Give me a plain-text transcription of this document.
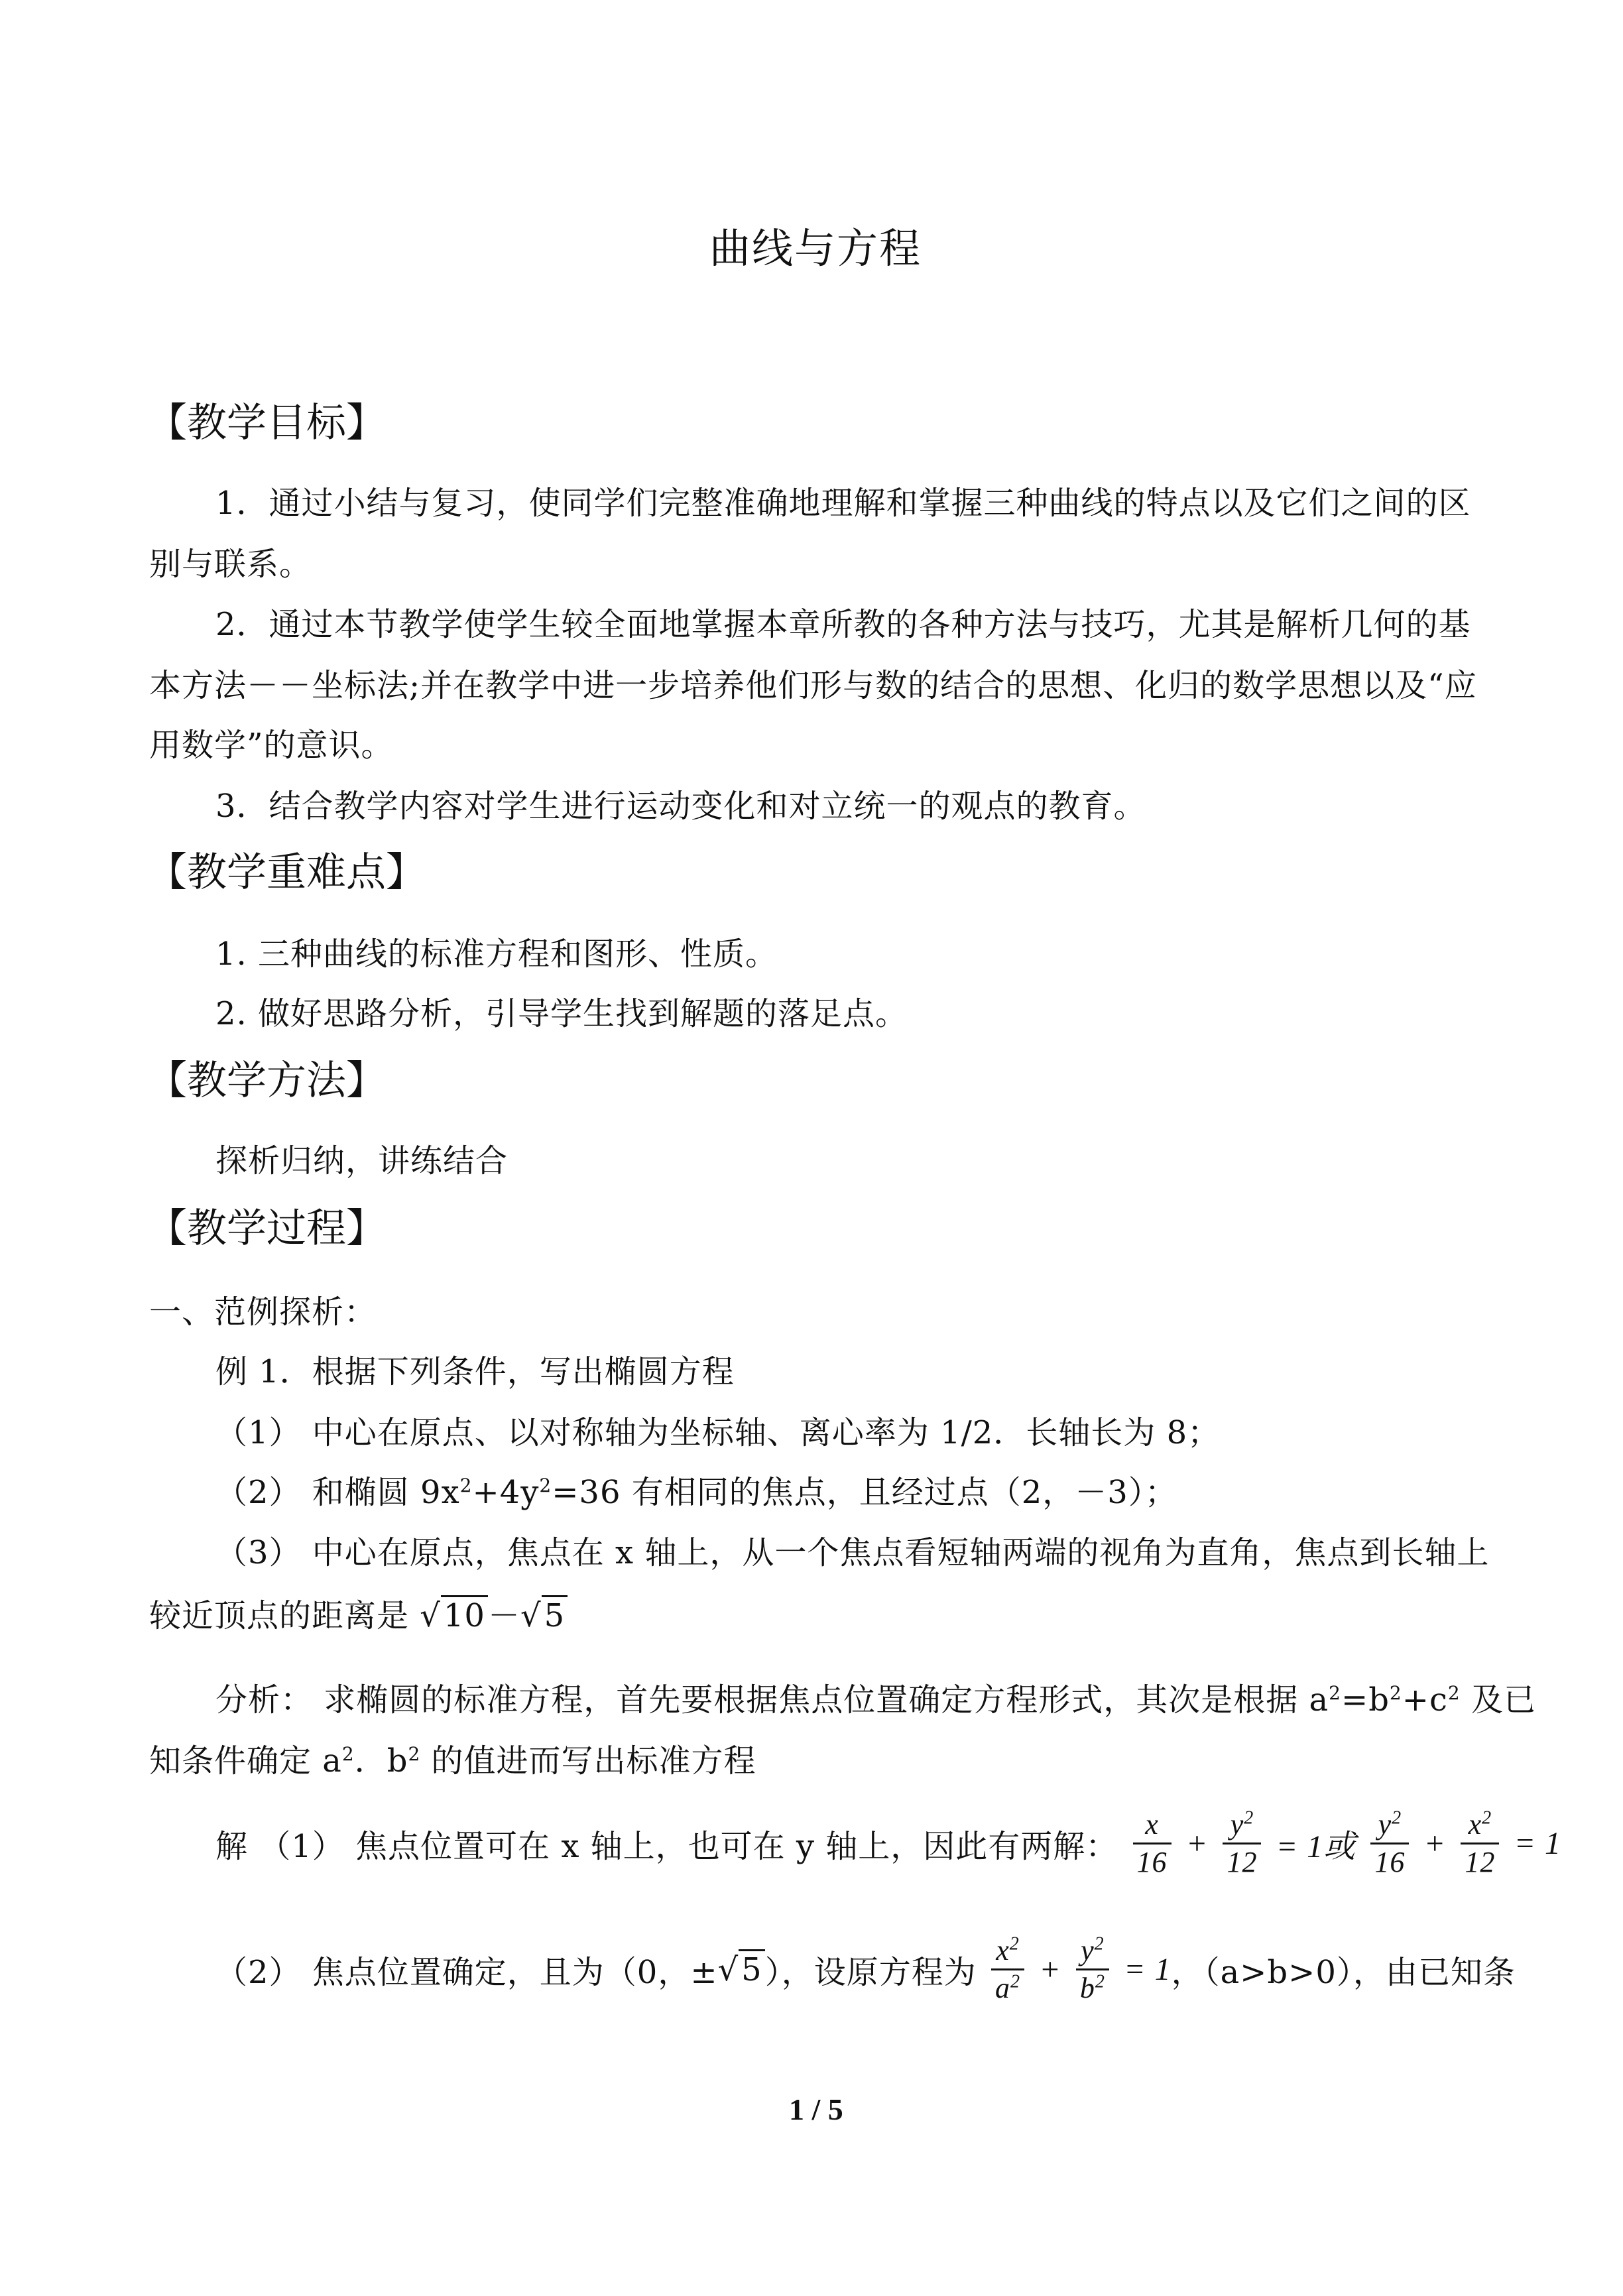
曲线与方程
【教学目标】
1．通过小结与复习，使同学们完整准确地理解和掌握三种曲线的特点以及它们之间的区
别与联系。
2．通过本节教学使学生较全面地掌握本章所教的各种方法与技巧，尤其是解析几何的基
本方法－－坐标法;并在教学中进一步培养他们形与数的结合的思想、化归的数学思想以及“应
用数学”的意识。
3．结合教学内容对学生进行运动变化和对立统一的观点的教育。
【教学重难点】
1. 三种曲线的标准方程和图形、性质。
2. 做好思路分析，引导学生找到解题的落足点。
【教学方法】
探析归纳，讲练结合
【教学过程】
一、范例探析：
例 1．根据下列条件，写出椭圆方程
（1） 中心在原点、以对称轴为坐标轴、离心率为 1/2．长轴长为 8；
（2） 和椭圆 $9x^2+4y^2=36$ 有相同的焦点，且经过点（2，－3）；
（3） 中心在原点，焦点在 x 轴上，从一个焦点看短轴两端的视角为直角，焦点到长轴上
较近顶点的距离是 √10－√5
分析： 求椭圆的标准方程，首先要根据焦点位置确定方程形式，其次是根据 $a^2=b^2+c^2$ 及已
知条件确定 $a^2$．$b^2$ 的值进而写出标准方程
解 （1） 焦点位置可在 x 轴上，也可在 y 轴上，因此有两解： $\frac{x}{16} + \frac{y^2}{12} = 1$或 $\frac{y^2}{16} + \frac{x^2}{12} = 1$
（2） 焦点位置确定，且为（0，±√5），设原方程为 $\frac{x^2}{a^2} + \frac{y^2}{b^2} = 1$，（a>b>0），由已知条
1 / 5
